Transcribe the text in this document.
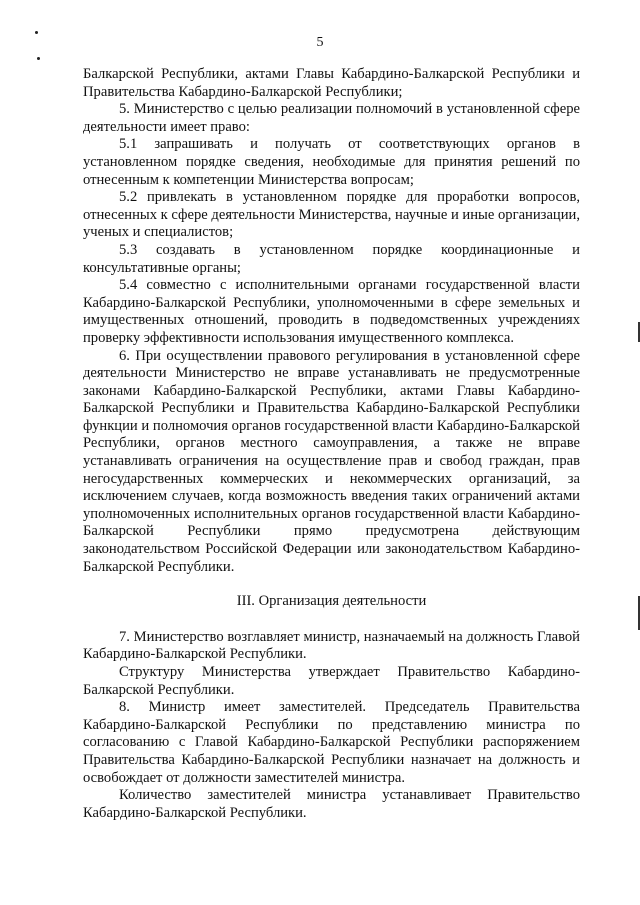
5

Балкарской Республики, актами Главы Кабардино-Балкарской Республики и Правительства Кабардино-Балкарской Республики;

5. Министерство с целью реализации полномочий в установленной сфере деятельности имеет право:

5.1 запрашивать и получать от соответствующих органов в установленном порядке сведения, необходимые для принятия решений по отнесенным к компетенции Министерства вопросам;

5.2 привлекать в установленном порядке для проработки вопросов, отнесенных к сфере деятельности Министерства, научные и иные организации, ученых и специалистов;

5.3 создавать в установленном порядке координационные и консультативные органы;

5.4 совместно с исполнительными органами государственной власти Кабардино-Балкарской Республики, уполномоченными в сфере земельных и имущественных отношений, проводить в подведомственных учреждениях проверку эффективности использования имущественного комплекса.

6. При осуществлении правового регулирования в установленной сфере деятельности Министерство не вправе устанавливать не предусмотренные законами Кабардино-Балкарской Республики, актами Главы Кабардино-Балкарской Республики и Правительства Кабардино-Балкарской Республики функции и полномочия органов государственной власти Кабардино-Балкарской Республики, органов местного самоуправления, а также не вправе устанавливать ограничения на осуществление прав и свобод граждан, прав негосударственных коммерческих и некоммерческих организаций, за исключением случаев, когда возможность введения таких ограничений актами уполномоченных исполнительных органов государственной власти Кабардино-Балкарской Республики прямо предусмотрена действующим законодательством Российской Федерации или законодательством Кабардино-Балкарской Республики.

III. Организация деятельности

7. Министерство возглавляет министр, назначаемый на должность Главой Кабардино-Балкарской Республики.

Структуру Министерства утверждает Правительство Кабардино-Балкарской Республики.

8. Министр имеет заместителей. Председатель Правительства Кабардино-Балкарской Республики по представлению министра по согласованию с Главой Кабардино-Балкарской Республики распоряжением Правительства Кабардино-Балкарской Республики назначает на должность и освобождает от должности заместителей министра.

Количество заместителей министра устанавливает Правительство Кабардино-Балкарской Республики.
